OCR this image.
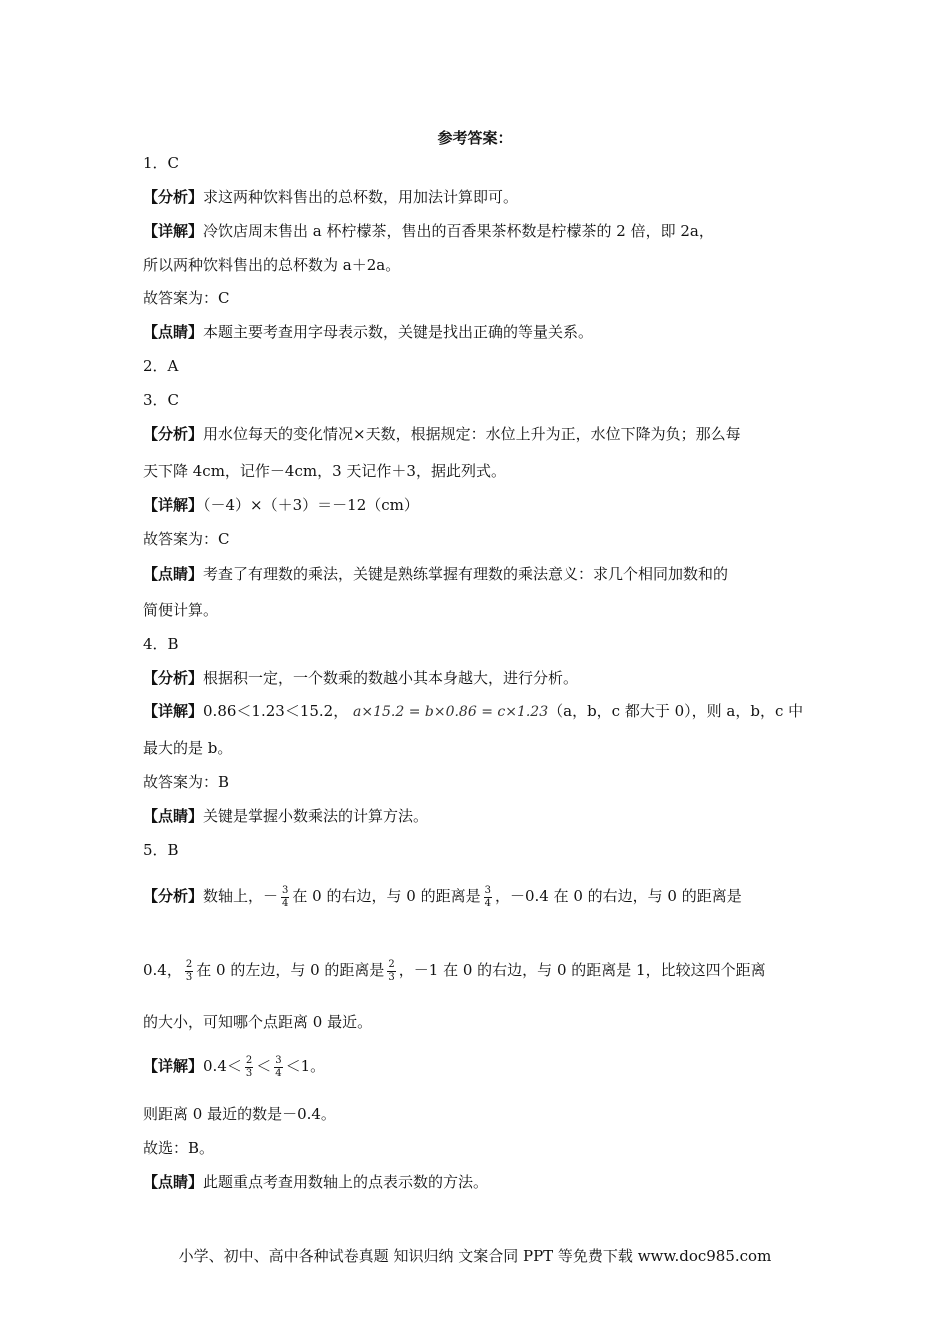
参考答案：
1．C
【分析】求这两种饮料售出的总杯数，用加法计算即可。
【详解】冷饮店周末售出 a 杯柠檬茶，售出的百香果茶杯数是柠檬茶的 2 倍，即 2a，
所以两种饮料售出的总杯数为 a＋2a。
故答案为：C
【点睛】本题主要考查用字母表示数，关键是找出正确的等量关系。
2．A
3．C
【分析】用水位每天的变化情况×天数，根据规定：水位上升为正，水位下降为负；那么每
天下降 4cm，记作－4cm，3 天记作＋3，据此列式。
【详解】（－4）×（＋3）＝－12（cm）
故答案为：C
【点睛】考查了有理数的乘法，关键是熟练掌握有理数的乘法意义：求几个相同加数和的
简便计算。
4．B
【分析】根据积一定，一个数乘的数越小其本身越大，进行分析。
【详解】0.86＜1.23＜15.2， a×15.2 = b×0.86 = c×1.23（a，b，c 都大于 0），则 a，b，c 中
最大的是 b。
故答案为：B
【点睛】关键是掌握小数乘法的计算方法。
5．B
【分析】数轴上，－ $\frac{3}{4}$ 在 0 的右边，与 0 的距离是 $\frac{3}{4}$ ，－0.4 在 0 的右边，与 0 的距离是
0.4， $\frac{2}{3}$ 在 0 的左边，与 0 的距离是 $\frac{2}{3}$ ，－1 在 0 的右边，与 0 的距离是 1，比较这四个距离
的大小，可知哪个点距离 0 最近。
【详解】$0.4< \frac{2}{3} < \frac{3}{4} <1$。
则距离 0 最近的数是－0.4。
故选：B。
【点睛】此题重点考查用数轴上的点表示数的方法。
小学、初中、高中各种试卷真题 知识归纳 文案合同 PPT 等免费下载 www.doc985.com
